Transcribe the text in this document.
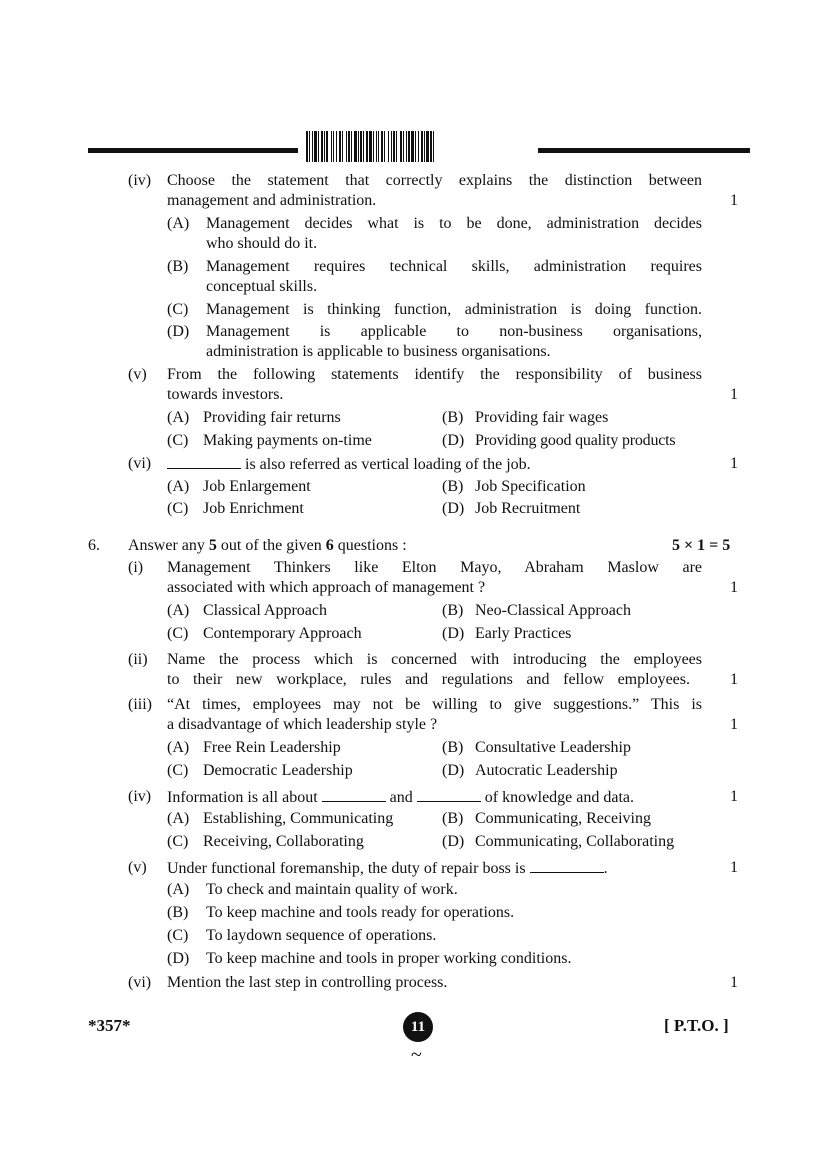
(iv) Choose the statement that correctly explains the distinction between
management and administration.	1
(A) Management decides what is to be done, administration decides
who should do it.
(B) Management requires technical skills, administration requires
conceptual skills.
(C) Management is thinking function, administration is doing function.
(D) Management is applicable to non-business organisations,
administration is applicable to business organisations.
(v) From the following statements identify the responsibility of business
towards investors.	1
(A) Providing fair returns	(B) Providing fair wages
(C) Making payments on-time	(D) Providing good quality products
(vi)	is also referred as vertical loading of the job.	1
(A) Job Enlargement	(B) Job Specification
(C) Job Enrichment	(D) Job Recruitment
6. Answer any 5 out of the given 6 questions :	5 × 1 = 5
(i) Management Thinkers like Elton Mayo, Abraham Maslow are
associated with which approach of management ?	1
(A) Classical Approach	(B) Neo-Classical Approach
(C) Contemporary Approach	(D) Early Practices
(ii) Name the process which is concerned with introducing the employees
to their new workplace, rules and regulations and fellow employees.	1
(iii) “At times, employees may not be willing to give suggestions.” This is
a disadvantage of which leadership style ?	1
(A) Free Rein Leadership	(B) Consultative Leadership
(C) Democratic Leadership	(D) Autocratic Leadership
(iv) Information is all about	and	of knowledge and data.	1
(A) Establishing, Communicating	(B) Communicating, Receiving
(C) Receiving, Collaborating	(D) Communicating, Collaborating
(v) Under functional foremanship, the duty of repair boss is	.	1
(A) To check and maintain quality of work.
(B) To keep machine and tools ready for operations.
(C) To laydown sequence of operations.
(D) To keep machine and tools in proper working conditions.
(vi) Mention the last step in controlling process.	1
*357*	11	[ P.T.O. ]
~
